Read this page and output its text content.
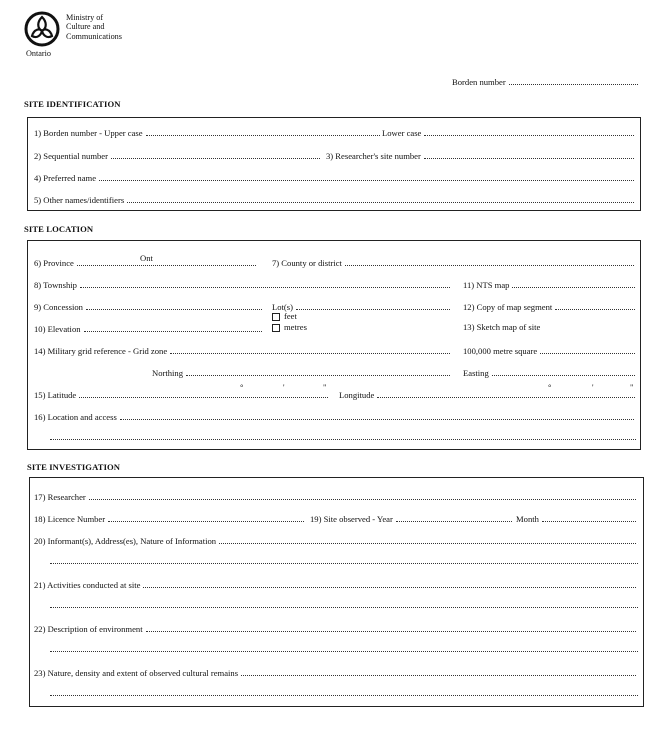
Ministry of
Culture and
Communications
Ontario
Borden number
SITE IDENTIFICATION
1) Borden number - Upper case	Lower case
2) Sequential number	3) Researcher's site number
4) Preferred name
5) Other names/identifiers
SITE LOCATION
6) Province	Ont	7) County or district
8) Township	11) NTS map
9) Concession	Lot(s)	12) Copy of map segment
feet
metres
10) Elevation	13) Sketch map of site
14) Military grid reference - Grid zone	100,000 metre square
Northing	Easting
15) Latitude
°	'	"
Longitude
°	'	"
16) Location and access
SITE INVESTIGATION
17) Researcher
18) Licence Number	19) Site observed - Year	Month
20) Informant(s), Address(es), Nature of Information
21) Activities conducted at site
22) Description of environment
23) Nature, density and extent of observed cultural remains
